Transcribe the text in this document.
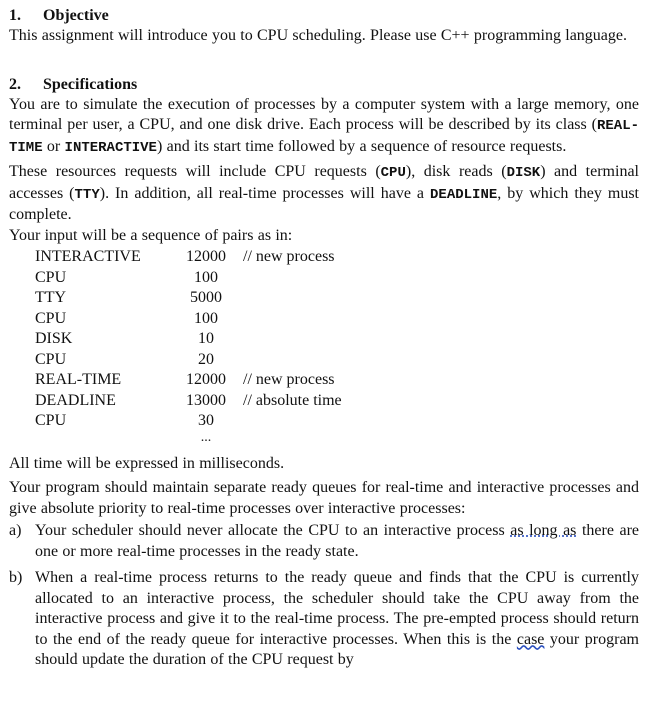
1. Objective

This assignment will introduce you to CPU scheduling. Please use C++ programming language.

2. Specifications

You are to simulate the execution of processes by a computer system with a large memory, one terminal per user, a CPU, and one disk drive. Each process will be described by its class (REAL-TIME or INTERACTIVE) and its start time followed by a sequence of resource requests.

These resources requests will include CPU requests (CPU), disk reads (DISK) and terminal accesses (TTY). In addition, all real-time processes will have a DEADLINE, by which they must complete.

Your input will be a sequence of pairs as in:

INTERACTIVE	12000 // new process
CPU	100
TTY	5000
CPU	100
DISK	10
CPU	20
REAL-TIME	12000 // new process
DEADLINE	13000 // absolute time
CPU	30
...

All time will be expressed in milliseconds.

Your program should maintain separate ready queues for real-time and interactive processes and give absolute priority to real-time processes over interactive processes:

a) Your scheduler should never allocate the CPU to an interactive process as long as there are one or more real-time processes in the ready state.
b) When a real-time process returns to the ready queue and finds that the CPU is currently allocated to an interactive process, the scheduler should take the CPU away from the interactive process and give it to the real-time process. The pre-empted process should return to the end of the ready queue for interactive processes. When this is the case your program should update the duration of the CPU request by
